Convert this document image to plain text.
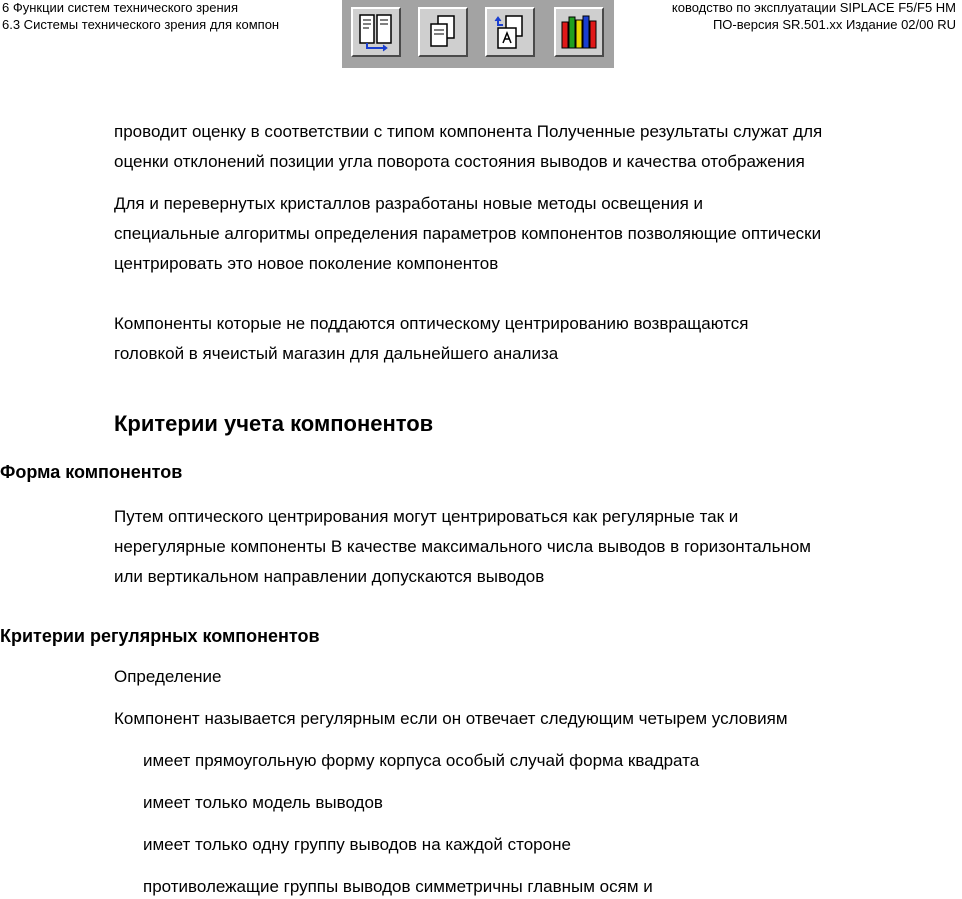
6 Функции систем технического зрения
6.3 Системы технического зрения для компон
ководство по эксплуатации SIPLACE F5/F5 HM
ПО-версия SR.501.xx Издание 02/00 RU
проводит оценку в соответствии с типом компонента Полученные результаты служат для
оценки отклонений позиции угла поворота состояния выводов и качества отображения
Для и перевернутых кристаллов разработаны новые методы освещения и
специальные алгоритмы определения параметров компонентов позволяющие оптически
центрировать это новое поколение компонентов
Компоненты которые не поддаются оптическому центрированию возвращаются
головкой в ячеистый магазин для дальнейшего анализа
Критерии учета компонентов
Форма компонентов
Путем оптического центрирования могут центрироваться как регулярные так и
нерегулярные компоненты В качестве максимального числа выводов в горизонтальном
или вертикальном направлении допускаются выводов
Критерии регулярных компонентов
Определение
Компонент называется регулярным если он отвечает следующим четырем условиям
имеет прямоугольную форму корпуса особый случай форма квадрата
имеет только модель выводов
имеет только одну группу выводов на каждой стороне
противолежащие группы выводов симметричны главным осям и
